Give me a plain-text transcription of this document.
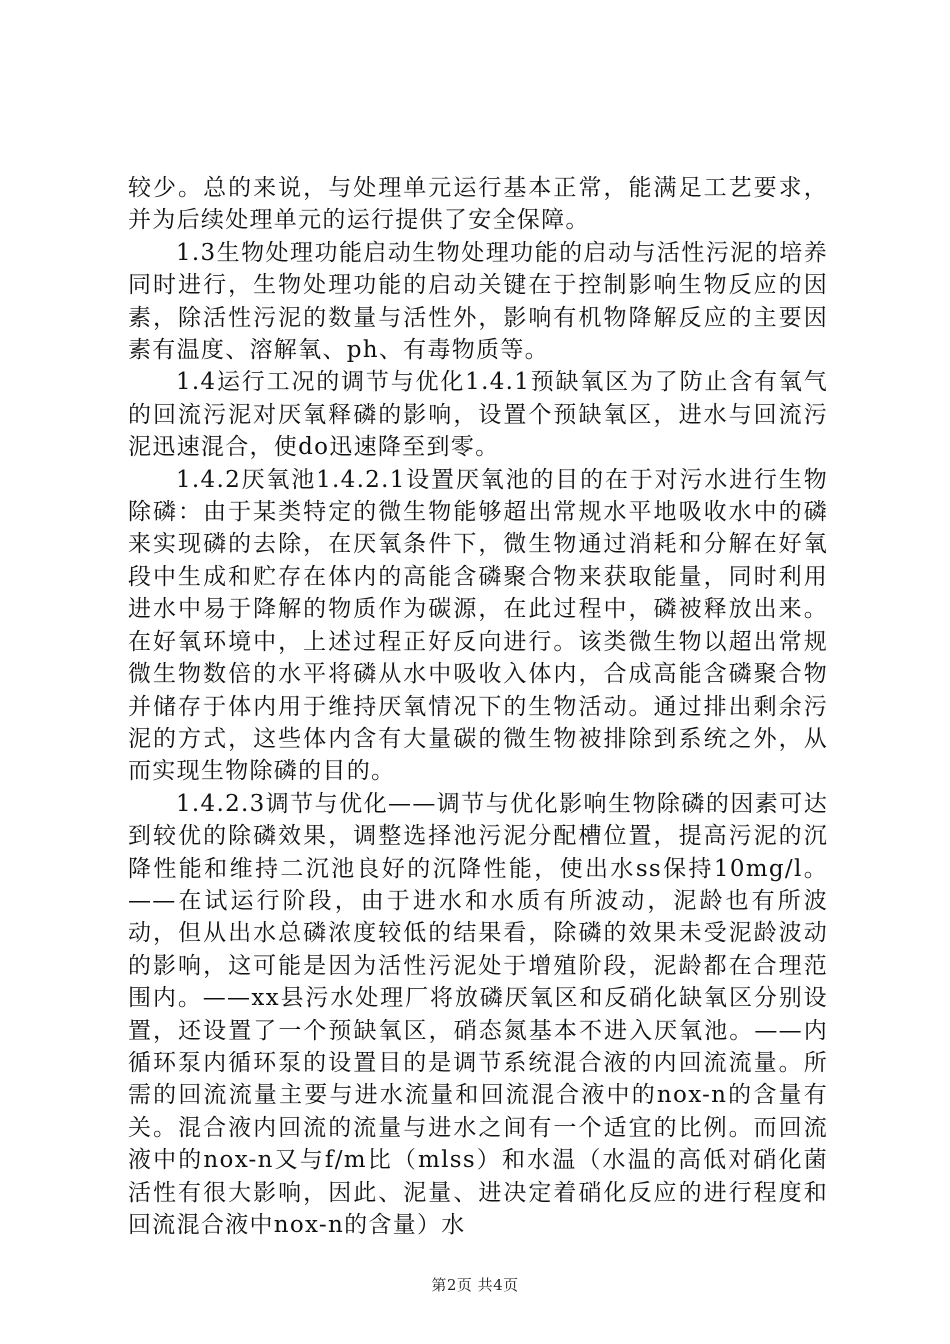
较少。总的来说，与处理单元运行基本正常，能满足工艺要求，并为后续处理单元的运行提供了安全保障。

1.3生物处理功能启动生物处理功能的启动与活性污泥的培养同时进行，生物处理功能的启动关键在于控制影响生物反应的因素，除活性污泥的数量与活性外，影响有机物降解反应的主要因素有温度、溶解氧、ph、有毒物质等。

1.4运行工况的调节与优化1.4.1预缺氧区为了防止含有氧气的回流污泥对厌氧释磷的影响，设置个预缺氧区，进水与回流污泥迅速混合，使do迅速降至到零。

1.4.2厌氧池1.4.2.1设置厌氧池的目的在于对污水进行生物除磷：由于某类特定的微生物能够超出常规水平地吸收水中的磷来实现磷的去除，在厌氧条件下，微生物通过消耗和分解在好氧段中生成和贮存在体内的高能含磷聚合物来获取能量，同时利用进水中易于降解的物质作为碳源，在此过程中，磷被释放出来。在好氧环境中，上述过程正好反向进行。该类微生物以超出常规微生物数倍的水平将磷从水中吸收入体内，合成高能含磷聚合物并储存于体内用于维持厌氧情况下的生物活动。通过排出剩余污泥的方式，这些体内含有大量碳的微生物被排除到系统之外，从而实现生物除磷的目的。

1.4.2.3调节与优化——调节与优化影响生物除磷的因素可达到较优的除磷效果，调整选择池污泥分配槽位置，提高污泥的沉降性能和维持二沉池良好的沉降性能，使出水ss保持10mg/l。——在试运行阶段，由于进水和水质有所波动，泥龄也有所波动，但从出水总磷浓度较低的结果看，除磷的效果未受泥龄波动的影响，这可能是因为活性污泥处于增殖阶段，泥龄都在合理范围内。——xx县污水处理厂将放磷厌氧区和反硝化缺氧区分别设置，还设置了一个预缺氧区，硝态氮基本不进入厌氧池。——内循环泵内循环泵的设置目的是调节系统混合液的内回流流量。所需的回流流量主要与进水流量和回流混合液中的nox-n的含量有关。混合液内回流的流量与进水之间有一个适宜的比例。而回流液中的nox-n又与f/m比（mlss）和水温（水温的高低对硝化菌活性有很大影响，因此、泥量、进决定着硝化反应的进行程度和回流混合液中nox-n的含量）水

第2页 共4页
